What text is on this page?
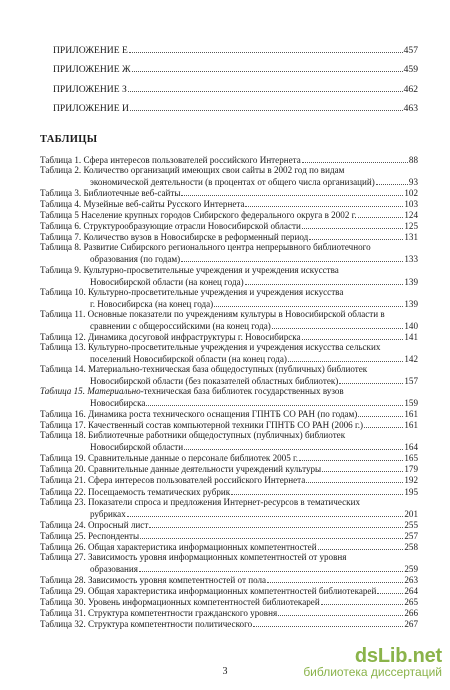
ПРИЛОЖЕНИЕ Е	457
ПРИЛОЖЕНИЕ Ж	459
ПРИЛОЖЕНИЕ З	462
ПРИЛОЖЕНИЕ И	463
ТАБЛИЦЫ
Таблица 1. Сфера интересов пользователей российского Интернета	88
Таблица 2. Количество организаций имеющих свои сайты в 2002 год по видам
экономической деятельности (в процентах от общего числа организаций)	93
Таблица 3. Библиотечные веб-сайты	102
Таблица 4. Музейные веб-сайты Русского Интернета	103
Таблица 5 Население крупных городов Сибирского федерального округа в 2002 г.	124
Таблица 6. Структурообразующие отрасли Новосибирской области	125
Таблица 7. Количество вузов в Новосибирске в реформенный период	131
Таблица 8. Развитие Сибирского регионального центра непрерывного библиотечного
образования (по годам)	133
Таблица 9. Культурно-просветительные учреждения и учреждения искусства
Новосибирской области (на конец года)	139
Таблица 10. Культурно-просветительные учреждения и учреждения искусства
г. Новосибирска (на конец года)	139
Таблица 11. Основные показатели по учреждениям культуры в Новосибирской области в
сравнении с общероссийскими (на конец года)	140
Таблица 12. Динамика досуговой инфраструктуры г. Новосибирска	141
Таблица 13. Культурно-просветительные учреждения и учреждения искусства сельских
поселений Новосибирской области (на конец года)	142
Таблица 14. Материально-техническая база общедоступных (публичных) библиотек
Новосибирской области (без показателей областных библиотек)	157
Таблица 15. Материально-техническая база библиотек государственных вузов
Новосибирска	159
Таблица 16. Динамика роста технического оснащения ГПНТБ СО РАН (по годам)	161
Таблица 17. Качественный состав компьютерной техники ГПНТБ СО РАН (2006 г.)	161
Таблица 18. Библиотечные работники общедоступных (публичных) библиотек
Новосибирской области	164
Таблица 19. Сравнительные данные о персонале библиотек 2005 г.	165
Таблица 20. Сравнительные данные деятельности учреждений культуры	179
Таблица 21. Сфера интересов пользователей российского Интернета	192
Таблица 22. Посещаемость тематических рубрик	195
Таблица 23. Показатели спроса и предложения Интернет-ресурсов в тематических
рубриках	201
Таблица 24. Опросный лист	255
Таблица 25. Респонденты	257
Таблица 26. Общая характеристика информационных компетентностей	258
Таблица 27. Зависимость уровня информационных компетентностей от уровня
образования	259
Таблица 28. Зависимость уровня компетентностей от пола	263
Таблица 29. Общая характеристика информационных компетентностей библиотекарей	264
Таблица 30. Уровень информационных компетентностей библиотекарей	265
Таблица 31. Структура компетентности гражданского уровня	266
Таблица 32. Структура компетентности политического	267
3
dsLib.net
библиотека диссертаций
